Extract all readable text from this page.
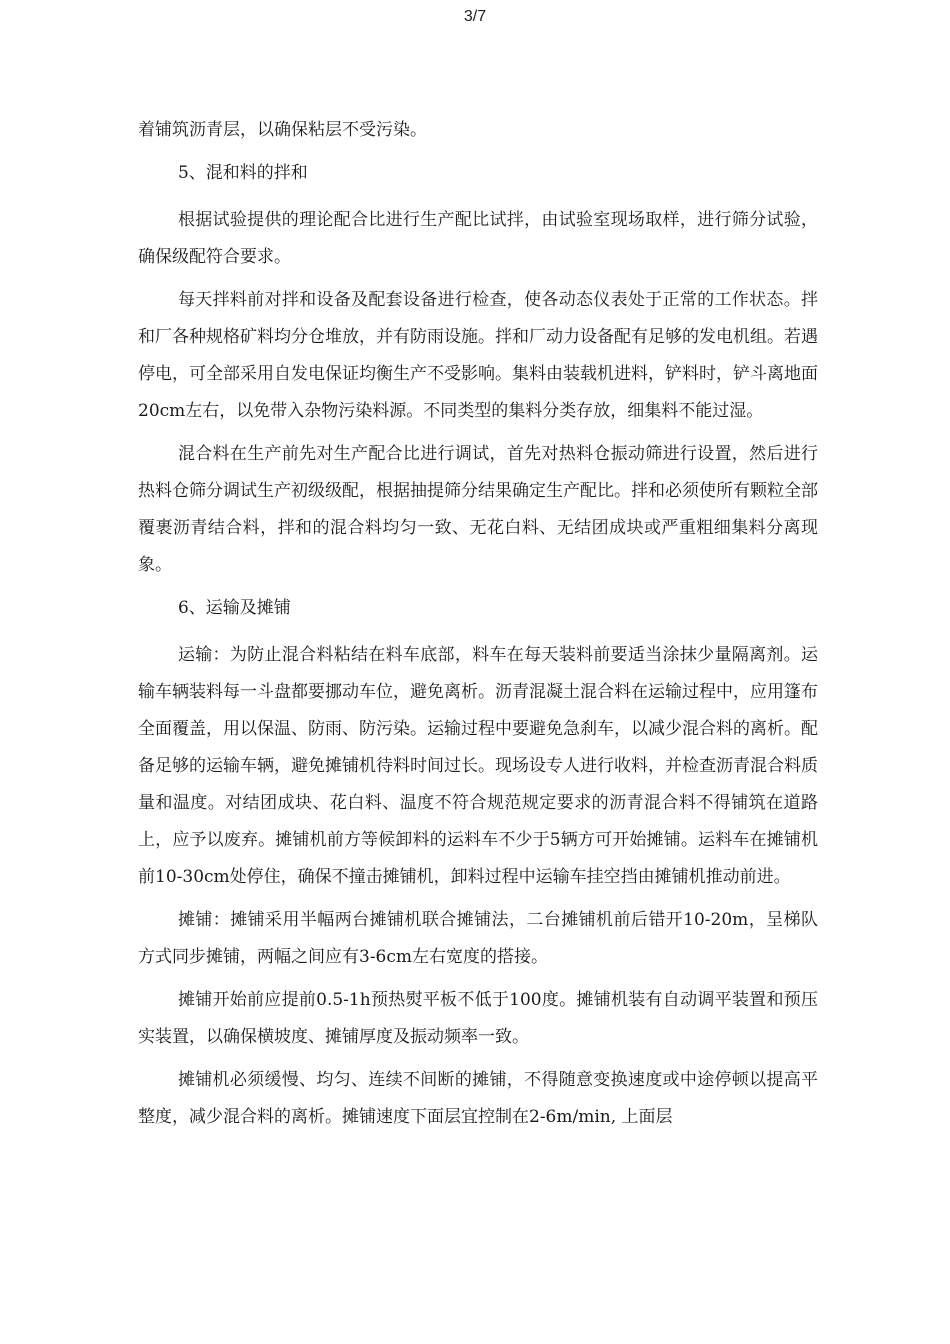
3/7

着铺筑沥青层，以确保粘层不受污染。

5、混和料的拌和

根据试验提供的理论配合比进行生产配比试拌，由试验室现场取样，进行筛分试验，确保级配符合要求。

每天拌料前对拌和设备及配套设备进行检查，使各动态仪表处于正常的工作状态。拌和厂各种规格矿料均分仓堆放，并有防雨设施。拌和厂动力设备配有足够的发电机组。若遇停电，可全部采用自发电保证均衡生产不受影响。集料由装载机进料，铲料时，铲斗离地面20cm左右，以免带入杂物污染料源。不同类型的集料分类存放，细集料不能过湿。

混合料在生产前先对生产配合比进行调试，首先对热料仓振动筛进行设置，然后进行热料仓筛分调试生产初级级配，根据抽提筛分结果确定生产配比。拌和必须使所有颗粒全部覆裹沥青结合料，拌和的混合料均匀一致、无花白料、无结团成块或严重粗细集料分离现象。

6、运输及摊铺

运输：为防止混合料粘结在料车底部，料车在每天装料前要适当涂抹少量隔离剂。运输车辆装料每一斗盘都要挪动车位，避免离析。沥青混凝土混合料在运输过程中，应用篷布全面覆盖，用以保温、防雨、防污染。运输过程中要避免急刹车，以减少混合料的离析。配备足够的运输车辆，避免摊铺机待料时间过长。现场设专人进行收料，并检查沥青混合料质量和温度。对结团成块、花白料、温度不符合规范规定要求的沥青混合料不得铺筑在道路上，应予以废弃。摊铺机前方等候卸料的运料车不少于5辆方可开始摊铺。运料车在摊铺机前10-30cm处停住，确保不撞击摊铺机，卸料过程中运输车挂空挡由摊铺机推动前进。

摊铺：摊铺采用半幅两台摊铺机联合摊铺法，二台摊铺机前后错开10-20m，呈梯队方式同步摊铺，两幅之间应有3-6cm左右宽度的搭接。

摊铺开始前应提前0.5-1h预热熨平板不低于100度。摊铺机装有自动调平装置和预压实装置，以确保横坡度、摊铺厚度及振动频率一致。

摊铺机必须缓慢、均匀、连续不间断的摊铺，不得随意变换速度或中途停顿以提高平整度，减少混合料的离析。摊铺速度下面层宜控制在2-6m/min, 上面层
